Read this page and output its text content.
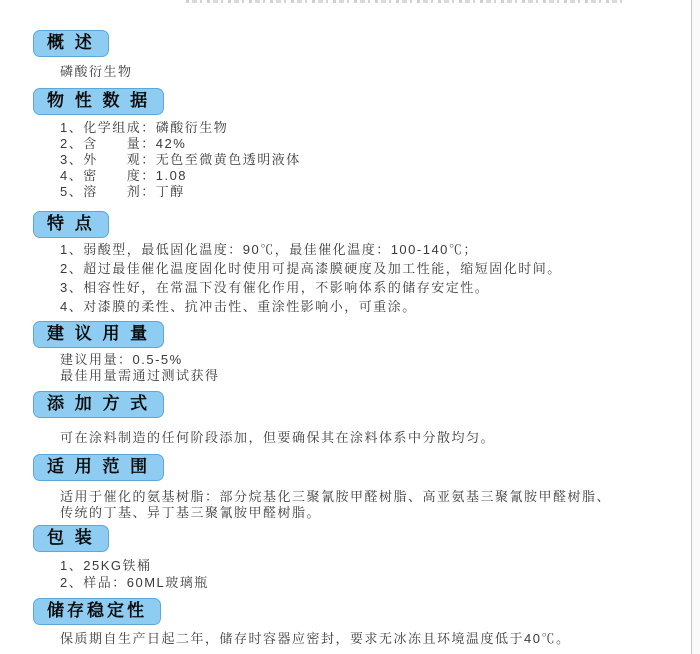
概 述

磷酸衍生物

物 性 数 据

1、化学组成：磷酸衍生物

2、含　　量：42%

3、外　　观：无色至微黄色透明液体

4、密　　度：1.08

5、溶　　剂：丁醇

特 点

1、弱酸型，最低固化温度：90℃，最佳催化温度：100-140℃；

2、超过最佳催化温度固化时使用可提高漆膜硬度及加工性能，缩短固化时间。

3、相容性好，在常温下没有催化作用，不影响体系的储存安定性。

4、对漆膜的柔性、抗冲击性、重涂性影响小，可重涂。

建 议 用 量

建议用量：0.5-5%

最佳用量需通过测试获得

添 加 方 式

可在涂料制造的任何阶段添加，但要确保其在涂料体系中分散均匀。

适 用 范 围

适用于催化的氨基树脂：部分烷基化三聚氰胺甲醛树脂、高亚氨基三聚氰胺甲醛树脂、传统的丁基、异丁基三聚氰胺甲醛树脂。

包 装

1、25KG铁桶

2、样品：60ML玻璃瓶

储存稳定性

保质期自生产日起二年，储存时容器应密封，要求无冰冻且环境温度低于40℃。
